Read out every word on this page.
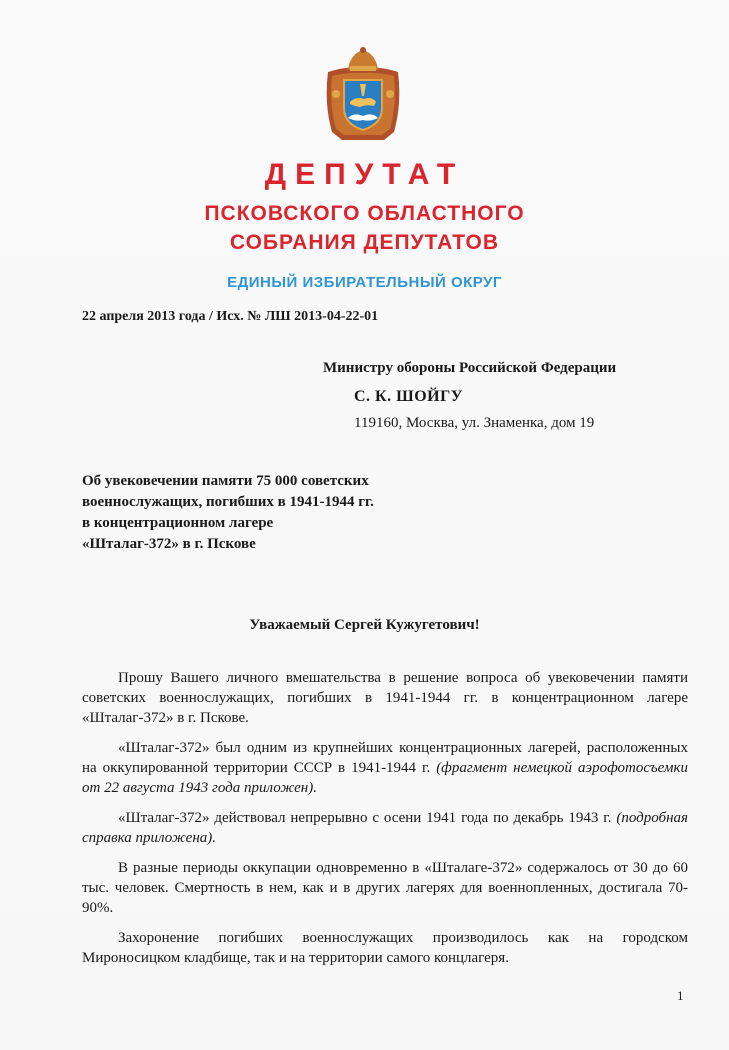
ДЕПУТАТ
ПСКОВСКОГО ОБЛАСТНОГО
СОБРАНИЯ ДЕПУТАТОВ
ЕДИНЫЙ ИЗБИРАТЕЛЬНЫЙ ОКРУГ
22 апреля 2013 года / Исх. № ЛШ 2013-04-22-01
Министру обороны Российской Федерации
С. К. ШОЙГУ
119160, Москва, ул. Знаменка, дом 19
Об увековечении памяти 75 000 советских
военнослужащих, погибших в 1941-1944 гг.
в концентрационном лагере
«Шталаг-372» в г. Пскове
Уважаемый Сергей Кужугетович!

Прошу Вашего личного вмешательства в решение вопроса об увековечении памяти советских военнослужащих, погибших в 1941-1944 гг. в концентрационном лагере «Шталаг-372» в г. Пскове.

«Шталаг-372» был одним из крупнейших концентрационных лагерей, расположенных на оккупированной территории СССР в 1941-1944 г. (фрагмент немецкой аэрофотосъемки от 22 августа 1943 года приложен).

«Шталаг-372» действовал непрерывно с осени 1941 года по декабрь 1943 г. (подробная справка приложена).

В разные периоды оккупации одновременно в «Шталаге-372» содержалось от 30 до 60 тыс. человек. Смертность в нем, как и в других лагерях для военнопленных, достигала 70-90%.

Захоронение погибших военнослужащих производилось как на городском Мироносицком кладбище, так и на территории самого концлагеря.

1
